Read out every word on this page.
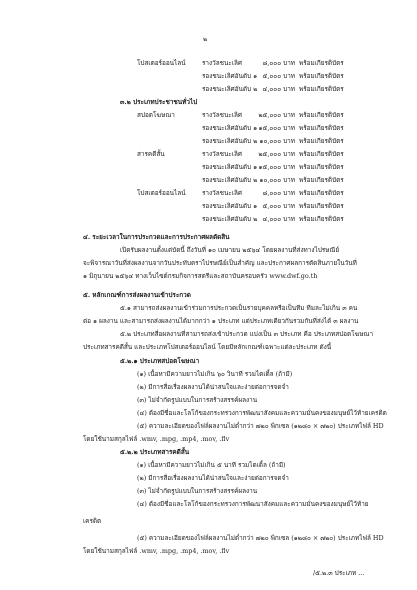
๒
โปสเตอร์ออนไลน์	รางวัลชนะเลิศ	๘,๐๐๐ บาท พร้อมเกียรติบัตร
รองชนะเลิศอันดับ ๑ ๕,๐๐๐ บาท พร้อมเกียรติบัตร
รองชนะเลิศอันดับ ๒ ๔,๐๐๐ บาท พร้อมเกียรติบัตร
๓.๒ ประเภทประชาชนทั่วไป
สปอตโฆษณา	รางวัลชนะเลิศ	๒๕,๐๐๐ บาท พร้อมเกียรติบัตร
รองชนะเลิศอันดับ ๑ ๑๕,๐๐๐ บาท พร้อมเกียรติบัตร
รองชนะเลิศอันดับ ๒ ๑๐,๐๐๐ บาท พร้อมเกียรติบัตร
สารคดีสั้น	รางวัลชนะเลิศ	๒๕,๐๐๐ บาท พร้อมเกียรติบัตร
รองชนะเลิศอันดับ ๑ ๑๕,๐๐๐ บาท พร้อมเกียรติบัตร
รองชนะเลิศอันดับ ๒ ๑๐,๐๐๐ บาท พร้อมเกียรติบัตร
โปสเตอร์ออนไลน์	รางวัลชนะเลิศ	๘,๐๐๐ บาท พร้อมเกียรติบัตร
รองชนะเลิศอันดับ ๑ ๕,๐๐๐ บาท พร้อมเกียรติบัตร
รองชนะเลิศอันดับ ๒ ๔,๐๐๐ บาท พร้อมเกียรติบัตร
๔. ระยะเวลาในการประกวดและการประกาศผลตัดสิน
เปิดรับผลงานตั้งแต่บัดนี้ ถึงวันที่ ๑๐ เมษายน ๒๕๖๔ โดยผลงานที่ส่งทางไปรษณีย์
จะพิจารณาวันที่ส่งผลงานจากวันประทับตราไปรษณีย์เป็นสำคัญ และประกาศผลการตัดสินภายในวันที่
๑ มิถุนายน ๒๕๖๔ ทางเว็บไซต์กรมกิจการสตรีและสถาบันครอบครัว www.dwf.go.th
๕. หลักเกณฑ์การส่งผลงานเข้าประกวด
๕.๑ สามารถส่งผลงานเข้าร่วมการประกวดเป็นรายบุคคลหรือเป็นทีม ทีมละไม่เกิน ๓ คน
ต่อ ๑ ผลงาน และสามารถส่งผลงานได้มากกว่า ๑ ประเภท แต่ประเภทเดียวกันรวมกันที่ส่งได้ ๓ ผลงาน
๕.๒ ประเภทสื่อผลงานที่สามารถส่งเข้าประกวด แบ่งเป็น ๓ ประเภท คือ ประเภทสปอตโฆษณา
ประเภทสารคดีสั้น และประเภทโปสเตอร์ออนไลน์ โดยมีหลักเกณฑ์เฉพาะแต่ละประเภท ดังนี้
๕.๒.๑ ประเภทสปอตโฆษณา
(๑) เนื้อหามีความยาวไม่เกิน ๖๐ วินาที รวมไตเติ้ล (ถ้ามี)
(๒) มีการสื่อเรื่องผลงานได้น่าสนใจและง่ายต่อการจดจำ
(๓) ไม่จำกัดรูปแบบในการสร้างสรรค์ผลงาน
(๔) ต้องมีชื่อและโลโก้ของกระทรวงการพัฒนาสังคมและความมั่นคงของมนุษย์ไว้ท้ายเครดิต
(๕) ความละเอียดของไฟล์ผลงานไม่ต่ำกว่า ๗๒๐ พิกเซล (๑๒๘๐ × ๗๒๐) ประเภทไฟล์ HD
โดยใช้นามสกุลไฟล์ .wmv, .mpg, .mp4, .mov, .flv
๕.๒.๒ ประเภทสารคดีสั้น
(๑) เนื้อหามีความยาวไม่เกิน ๕ นาที รวมไตเติ้ล (ถ้ามี)
(๒) มีการสื่อเรื่องผลงานได้น่าสนใจและง่ายต่อการจดจำ
(๓) ไม่จำกัดรูปแบบในการสร้างสรรค์ผลงาน
(๔) ต้องมีชื่อและโลโก้ของกระทรวงการพัฒนาสังคมและความมั่นคงของมนุษย์ไว้ท้าย
เครดิต
(๕) ความละเอียดของไฟล์ผลงานไม่ต่ำกว่า ๗๒๐ พิกเซล (๑๒๘๐ × ๗๒๐) ประเภทไฟล์ HD
โดยใช้นามสกุลไฟล์ .wmv, .mpg, .mp4, .mov, .flv
/๕.๒.๓ ประเภท ...
